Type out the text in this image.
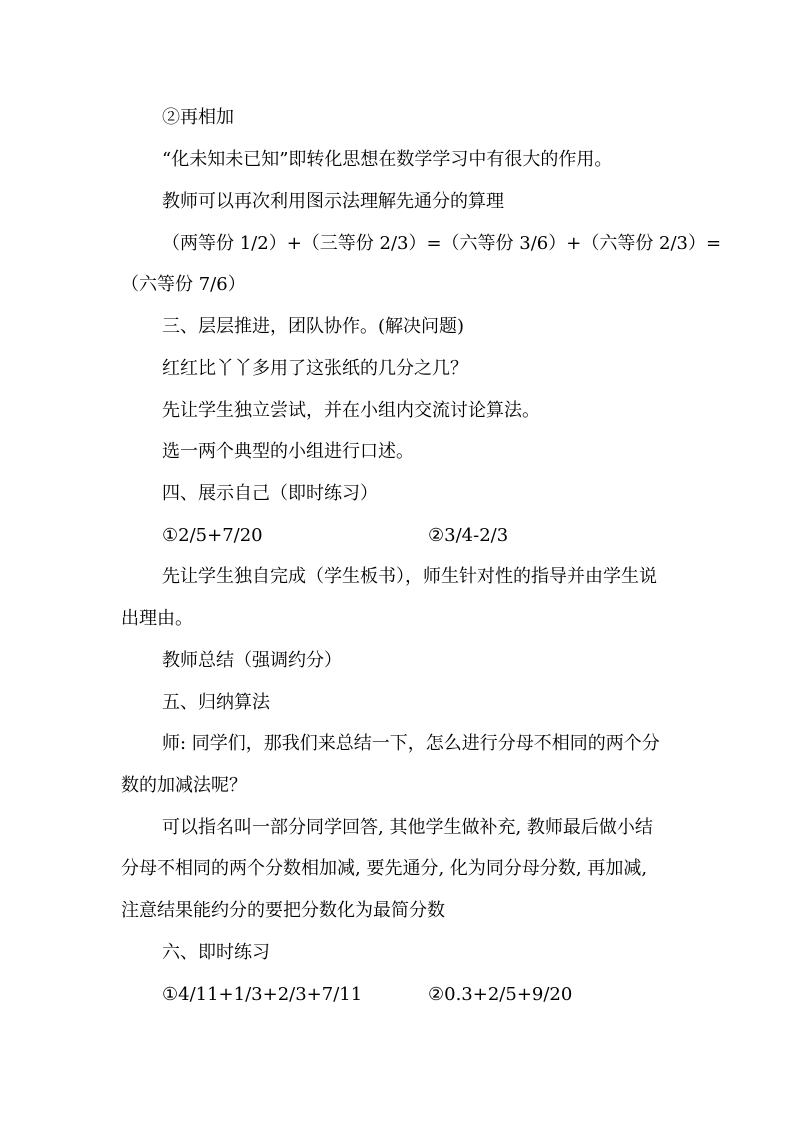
②再相加
“化未知未已知”即转化思想在数学学习中有很大的作用。
教师可以再次利用图示法理解先通分的算理
（两等份 1/2）+（三等份 2/3）=（六等份 3/6）+（六等份 2/3）=
（六等份 7/6）
三、层层推进，团队协作。(解决问题)
红红比丫丫多用了这张纸的几分之几？
先让学生独立尝试，并在小组内交流讨论算法。
选一两个典型的小组进行口述。
四、展示自己（即时练习）
①2/5+7/20	②3/4-2/3
先让学生独自完成（学生板书），师生针对性的指导并由学生说
出理由。
教师总结（强调约分）
五、归纳算法
师: 同学们，那我们来总结一下，怎么进行分母不相同的两个分
数的加减法呢？
可以指名叫一部分同学回答, 其他学生做补充, 教师最后做小结
分母不相同的两个分数相加减, 要先通分, 化为同分母分数, 再加减,
注意结果能约分的要把分数化为最简分数
六、即时练习
①4/11+1/3+2/3+7/11	②0.3+2/5+9/20
